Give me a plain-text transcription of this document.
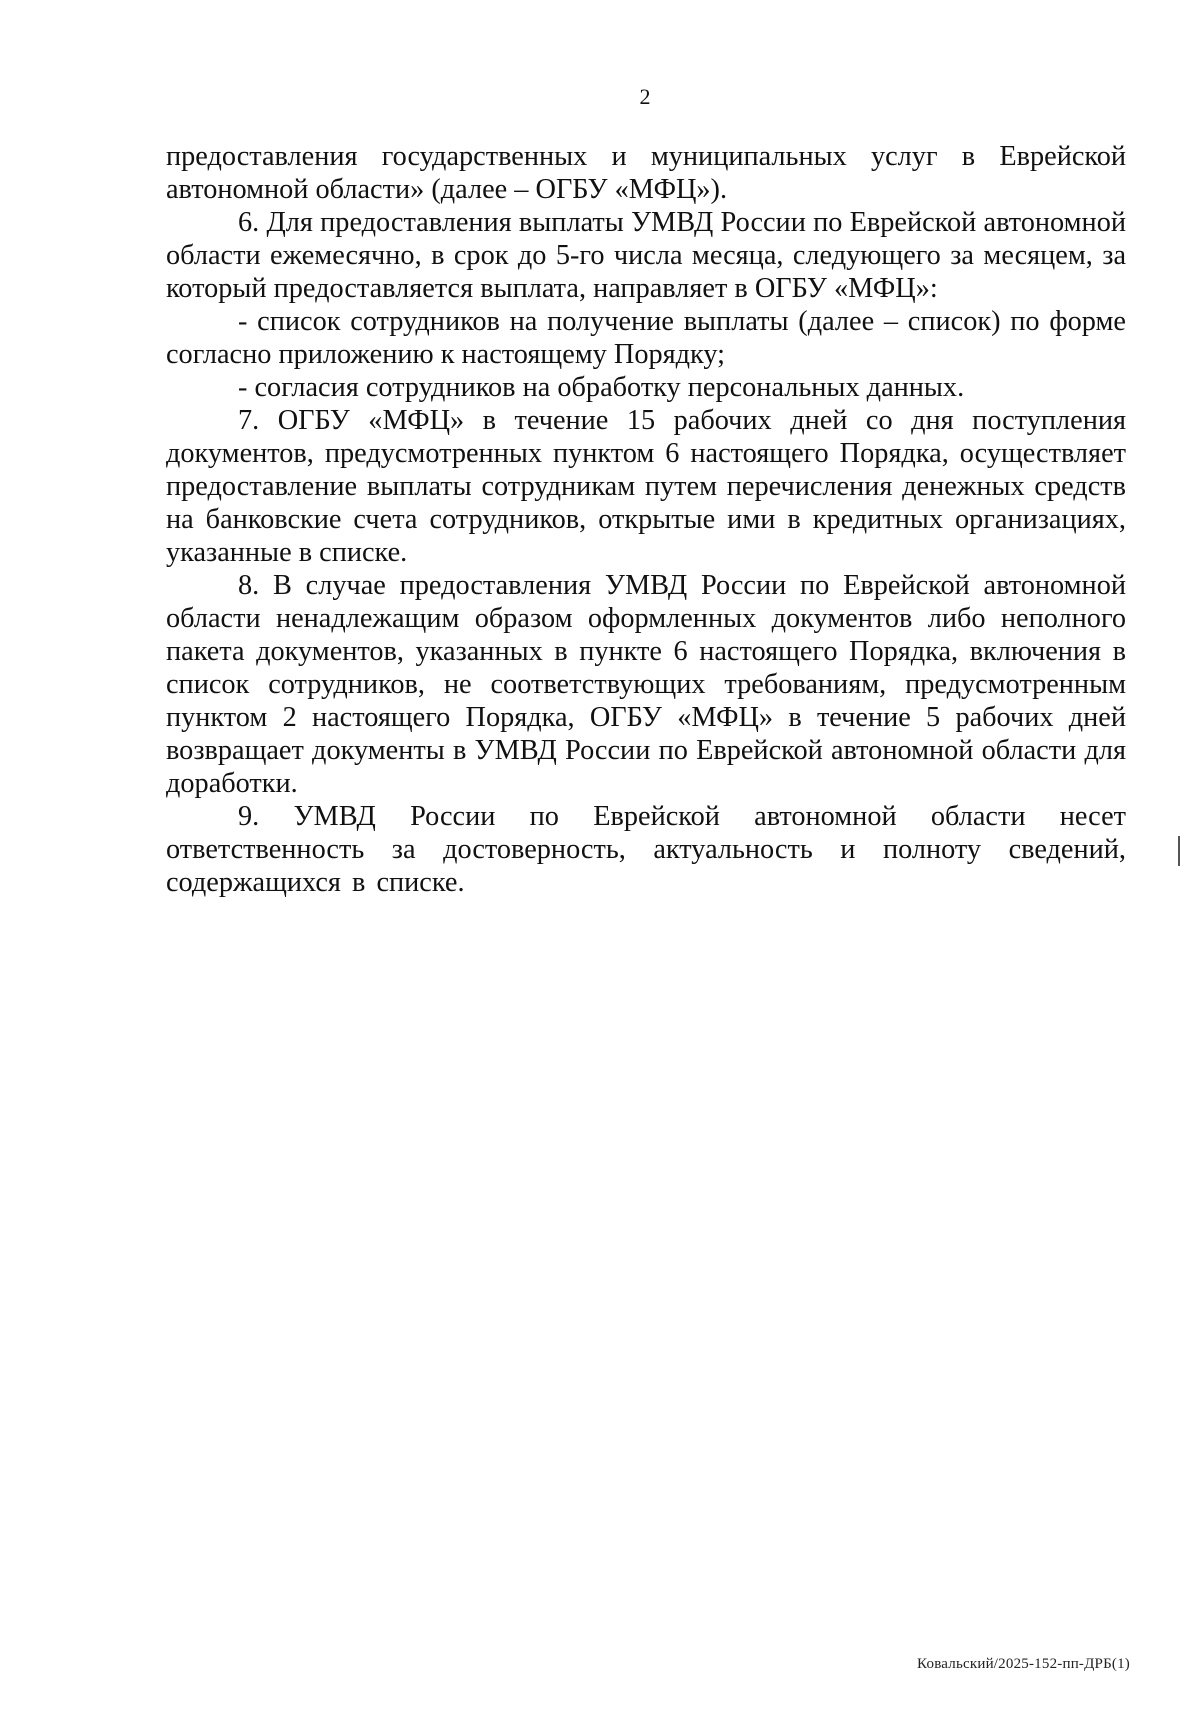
2

предоставления государственных и муниципальных услуг в Еврейской автономной области» (далее – ОГБУ «МФЦ»).

6. Для предоставления выплаты УМВД России по Еврейской автономной области ежемесячно, в срок до 5-го числа месяца, следующего за месяцем, за который предоставляется выплата, направляет в ОГБУ «МФЦ»:

- список сотрудников на получение выплаты (далее – список) по форме согласно приложению к настоящему Порядку;

- согласия сотрудников на обработку персональных данных.

7. ОГБУ «МФЦ» в течение 15 рабочих дней со дня поступления документов, предусмотренных пунктом 6 настоящего Порядка, осуществляет предоставление выплаты сотрудникам путем перечисления денежных средств на банковские счета сотрудников, открытые ими в кредитных организациях, указанные в списке.

8. В случае предоставления УМВД России по Еврейской автономной области ненадлежащим образом оформленных документов либо неполного пакета документов, указанных в пункте 6 настоящего Порядка, включения в список сотрудников, не соответствующих требованиям, предусмотренным пунктом 2 настоящего Порядка, ОГБУ «МФЦ» в течение 5 рабочих дней возвращает документы в УМВД России по Еврейской автономной области для доработки.

9. УМВД России по Еврейской автономной области несет ответственность за достоверность, актуальность и полноту сведений, содержащихся в списке.

Ковальский/2025-152-пп-ДРБ(1)
